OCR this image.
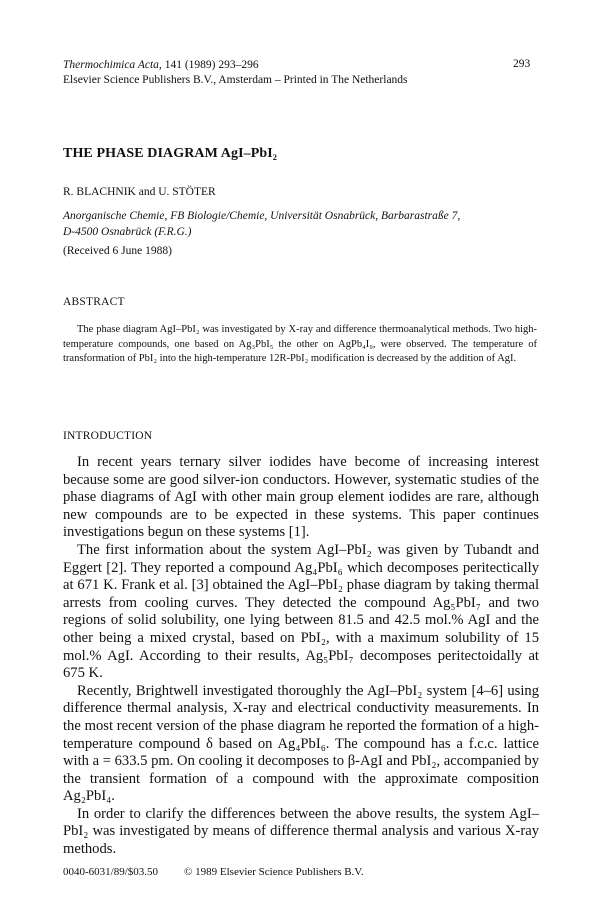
Thermochimica Acta, 141 (1989) 293–296
Elsevier Science Publishers B.V., Amsterdam – Printed in The Netherlands
293
THE PHASE DIAGRAM AgI–PbI₂
R. BLACHNIK and U. STÖTER
Anorganische Chemie, FB Biologie/Chemie, Universität Osnabrück, Barbarastraße 7,
D-4500 Osnabrück (F.R.G.)
(Received 6 June 1988)
ABSTRACT

The phase diagram AgI–PbI₂ was investigated by X-ray and difference thermoanalytical methods. Two high-temperature compounds, one based on Ag₃PbI₅ the other on AgPb₄I₉, were observed. The temperature of transformation of PbI₂ into the high-temperature 12R-PbI₂ modification is decreased by the addition of AgI.

INTRODUCTION

In recent years ternary silver iodides have become of increasing interest because some are good silver-ion conductors. However, systematic studies of the phase diagrams of AgI with other main group element iodides are rare, although new compounds are to be expected in these systems. This paper continues investigations begun on these systems [1].

The first information about the system AgI–PbI₂ was given by Tubandt and Eggert [2]. They reported a compound Ag₄PbI₆ which decomposes peritectically at 671 K. Frank et al. [3] obtained the AgI–PbI₂ phase diagram by taking thermal arrests from cooling curves. They detected the compound Ag₅PbI₇ and two regions of solid solubility, one lying between 81.5 and 42.5 mol.% AgI and the other being a mixed crystal, based on PbI₂, with a maximum solubility of 15 mol.% AgI. According to their results, Ag₅PbI₇ decomposes peritectoidally at 675 K.

Recently, Brightwell investigated thoroughly the AgI–PbI₂ system [4–6] using difference thermal analysis, X-ray and electrical conductivity measurements. In the most recent version of the phase diagram he reported the formation of a high-temperature compound δ based on Ag₄PbI₆. The compound has a f.c.c. lattice with a = 633.5 pm. On cooling it decomposes to β-AgI and PbI₂, accompanied by the transient formation of a compound with the approximate composition Ag₂PbI₄.

In order to clarify the differences between the above results, the system AgI–PbI₂ was investigated by means of difference thermal analysis and various X-ray methods.

0040-6031/89/$03.50 © 1989 Elsevier Science Publishers B.V.
